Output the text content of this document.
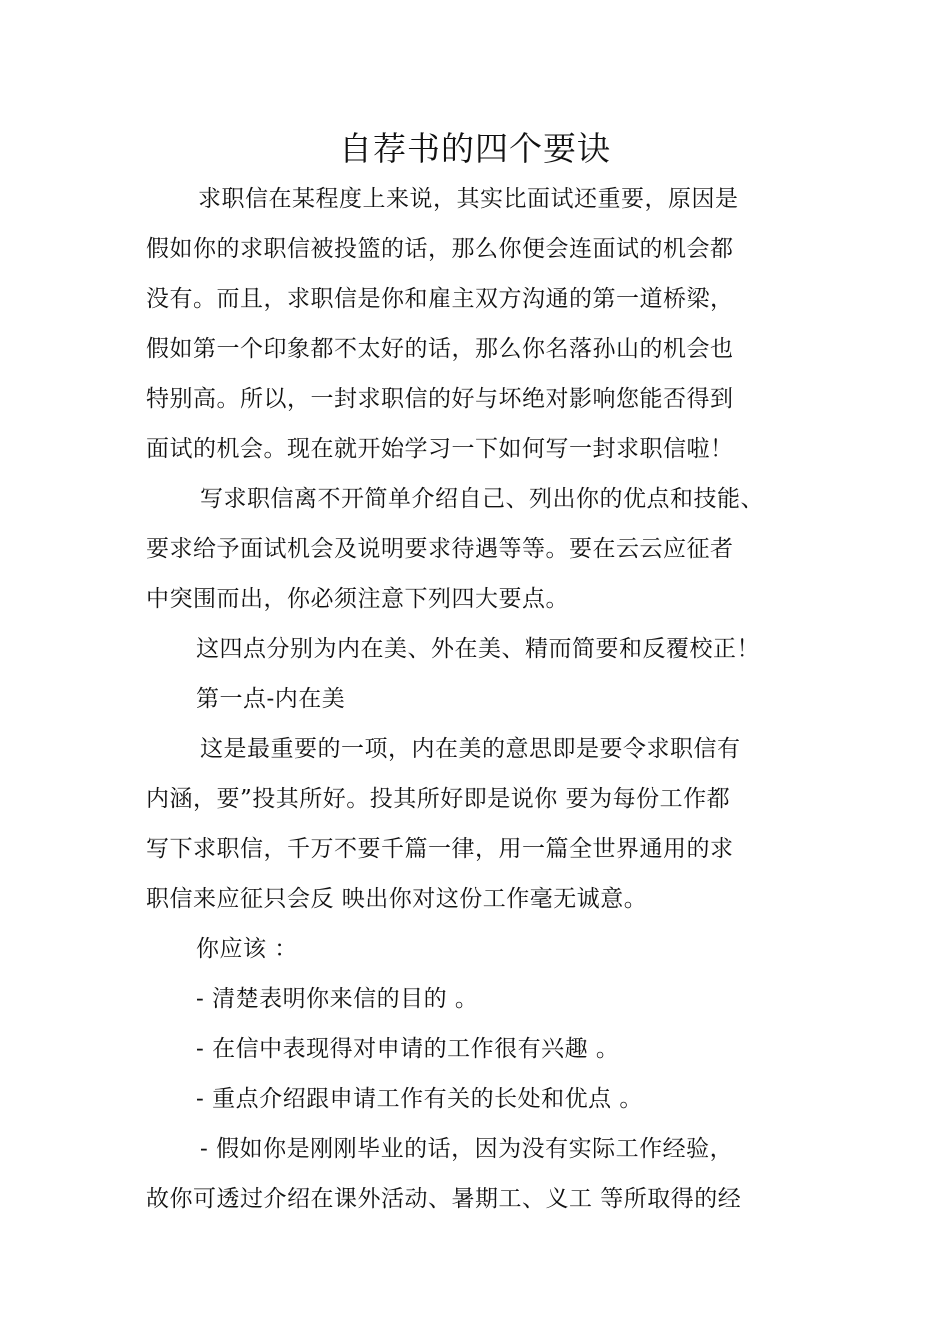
自荐书的四个要诀
求职信在某程度上来说，其实比面试还重要，原因是
假如你的求职信被投篮的话，那么你便会连面试的机会都
没有。而且，求职信是你和雇主双方沟通的第一道桥梁，
假如第一个印象都不太好的话，那么你名落孙山的机会也
特别高。所以，一封求职信的好与坏绝对影响您能否得到
面试的机会。现在就开始学习一下如何写一封求职信啦！
写求职信离不开简单介绍自己、列出你的优点和技能、
要求给予面试机会及说明要求待遇等等。要在云云应征者
中突围而出，你必须注意下列四大要点。
这四点分别为内在美、外在美、精而简要和反覆校正！
第一点-内在美
这是最重要的一项，内在美的意思即是要令求职信有
内涵，要”投其所好。投其所好即是说你 要为每份工作都
写下求职信，千万不要千篇一律，用一篇全世界通用的求
职信来应征只会反 映出你对这份工作毫无诚意。
你应该 ：
- 清楚表明你来信的目的 。
- 在信中表现得对申请的工作很有兴趣 。
- 重点介绍跟申请工作有关的长处和优点 。
- 假如你是刚刚毕业的话，因为没有实际工作经验，
故你可透过介绍在课外活动、暑期工、义工 等所取得的经
